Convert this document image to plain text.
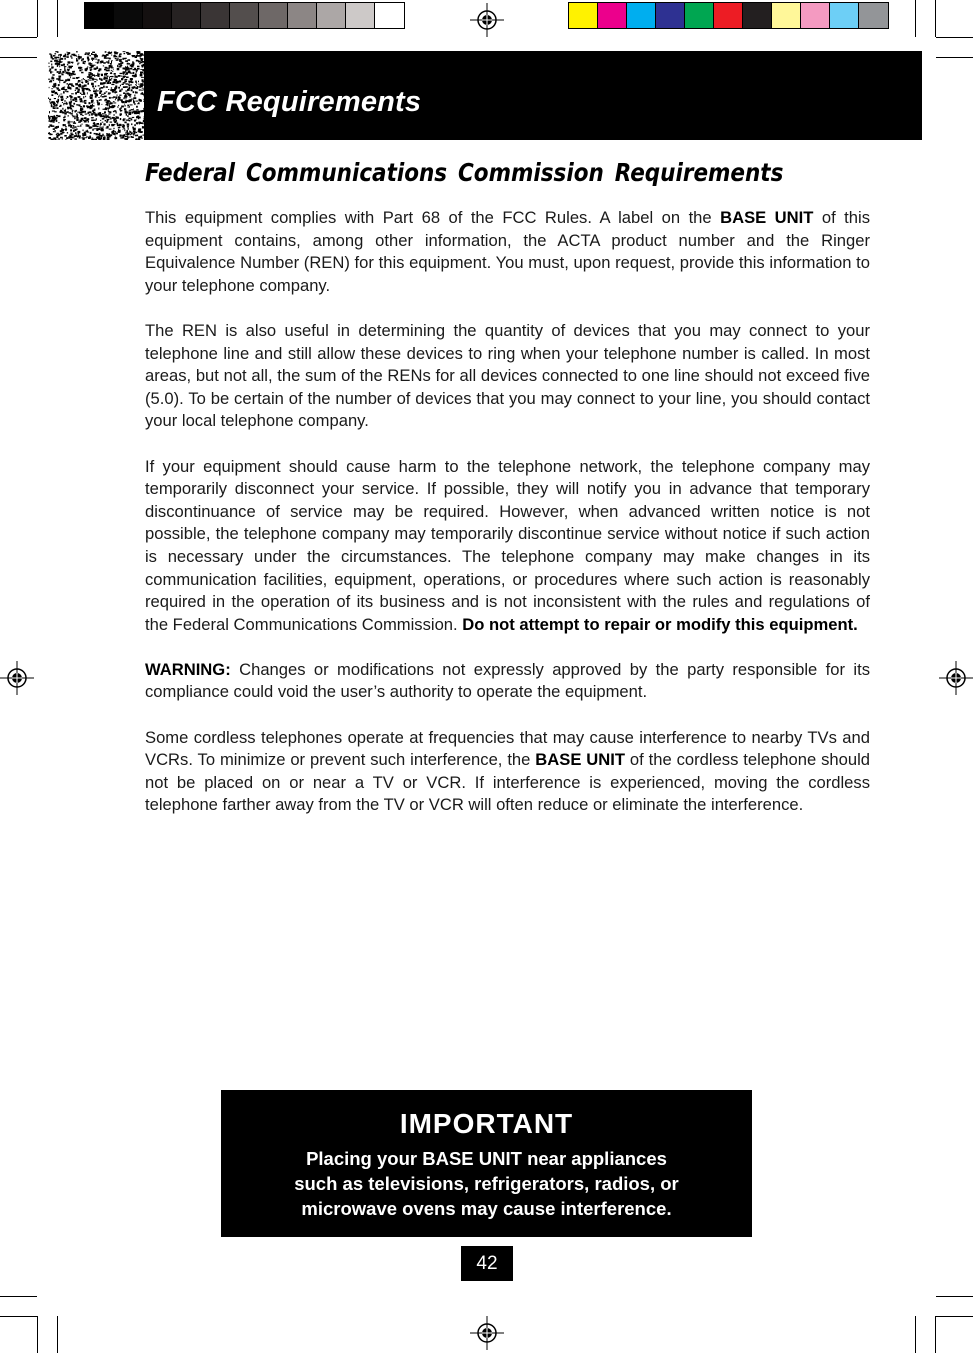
FCC Requirements
Federal Communications Commission Requirements

This equipment complies with Part 68 of the FCC Rules. A label on the BASE UNIT of this equipment contains, among other information, the ACTA product number and the Ringer Equivalence Number (REN) for this equipment. You must, upon request, provide this information to your telephone company.

The REN is also useful in determining the quantity of devices that you may connect to your telephone line and still allow these devices to ring when your telephone number is called. In most areas, but not all, the sum of the RENs for all devices connected to one line should not exceed five (5.0). To be certain of the number of devices that you may connect to your line, you should contact your local telephone company.

If your equipment should cause harm to the telephone network, the telephone company may temporarily disconnect your service. If possible, they will notify you in advance that temporary discontinuance of service may be required. However, when advanced written notice is not possible, the telephone company may temporarily discontinue service without notice if such action is necessary under the circumstances. The telephone company may make changes in its communication facilities, equipment, operations, or procedures where such action is reasonably required in the operation of its business and is not inconsistent with the rules and regulations of the Federal Communications Commission. Do not attempt to repair or modify this equipment.

WARNING: Changes or modifications not expressly approved by the party responsible for its compliance could void the user’s authority to operate the equipment.

Some cordless telephones operate at frequencies that may cause interference to nearby TVs and VCRs. To minimize or prevent such interference, the BASE UNIT of the cordless telephone should not be placed on or near a TV or VCR. If interference is experienced, moving the cordless telephone farther away from the TV or VCR will often reduce or eliminate the interference.

IMPORTANT
Placing your BASE UNIT near appliances
such as televisions, refrigerators, radios, or
microwave ovens may cause interference.
42
